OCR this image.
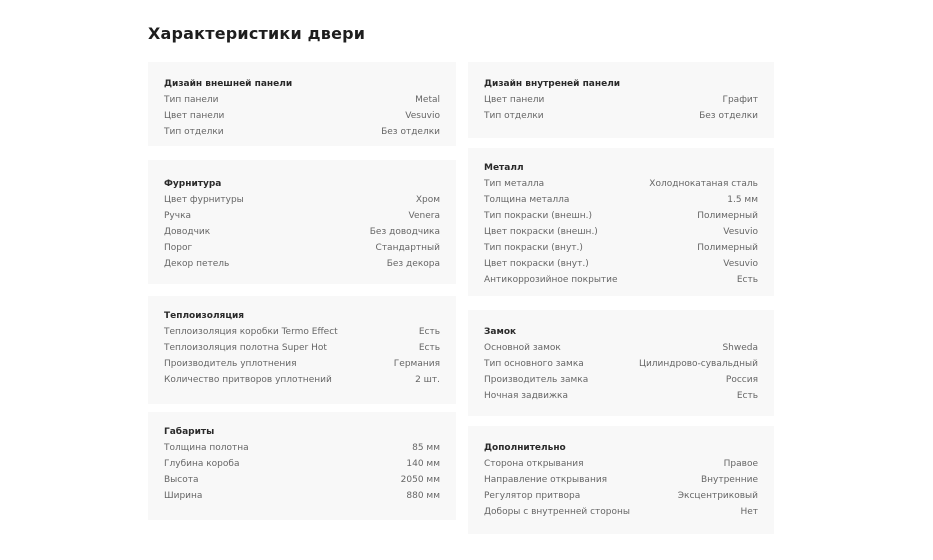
Характеристики двери
Дизайн внешней панели
Тип панели	Metal
Цвет панели	Vesuvio
Тип отделки	Без отделки
Фурнитура
Цвет фурнитуры	Хром
Ручка	Venera
Доводчик	Без доводчика
Порог	Стандартный
Декор петель	Без декора
Теплоизоляция
Теплоизоляция коробки Termo Effect	Есть
Теплоизоляция полотна Super Hot	Есть
Производитель уплотнения	Германия
Количество притворов уплотнений	2 шт.
Габариты
Толщина полотна	85 мм
Глубина короба	140 мм
Высота	2050 мм
Ширина	880 мм
Дизайн внутреней панели
Цвет панели	Графит
Тип отделки	Без отделки
Металл
Тип металла	Холоднокатаная сталь
Толщина металла	1.5 мм
Тип покраски (внешн.)	Полимерный
Цвет покраски (внешн.)	Vesuvio
Тип покраски (внут.)	Полимерный
Цвет покраски (внут.)	Vesuvio
Антикоррозийное покрытие	Есть
Замок
Основной замок	Shweda
Тип основного замка	Цилиндрово-сувальдный
Производитель замка	Россия
Ночная задвижка	Есть
Дополнительно
Сторона открывания	Правое
Направление открывания	Внутренние
Регулятор притвора	Эксцентриковый
Доборы с внутренней стороны	Нет
